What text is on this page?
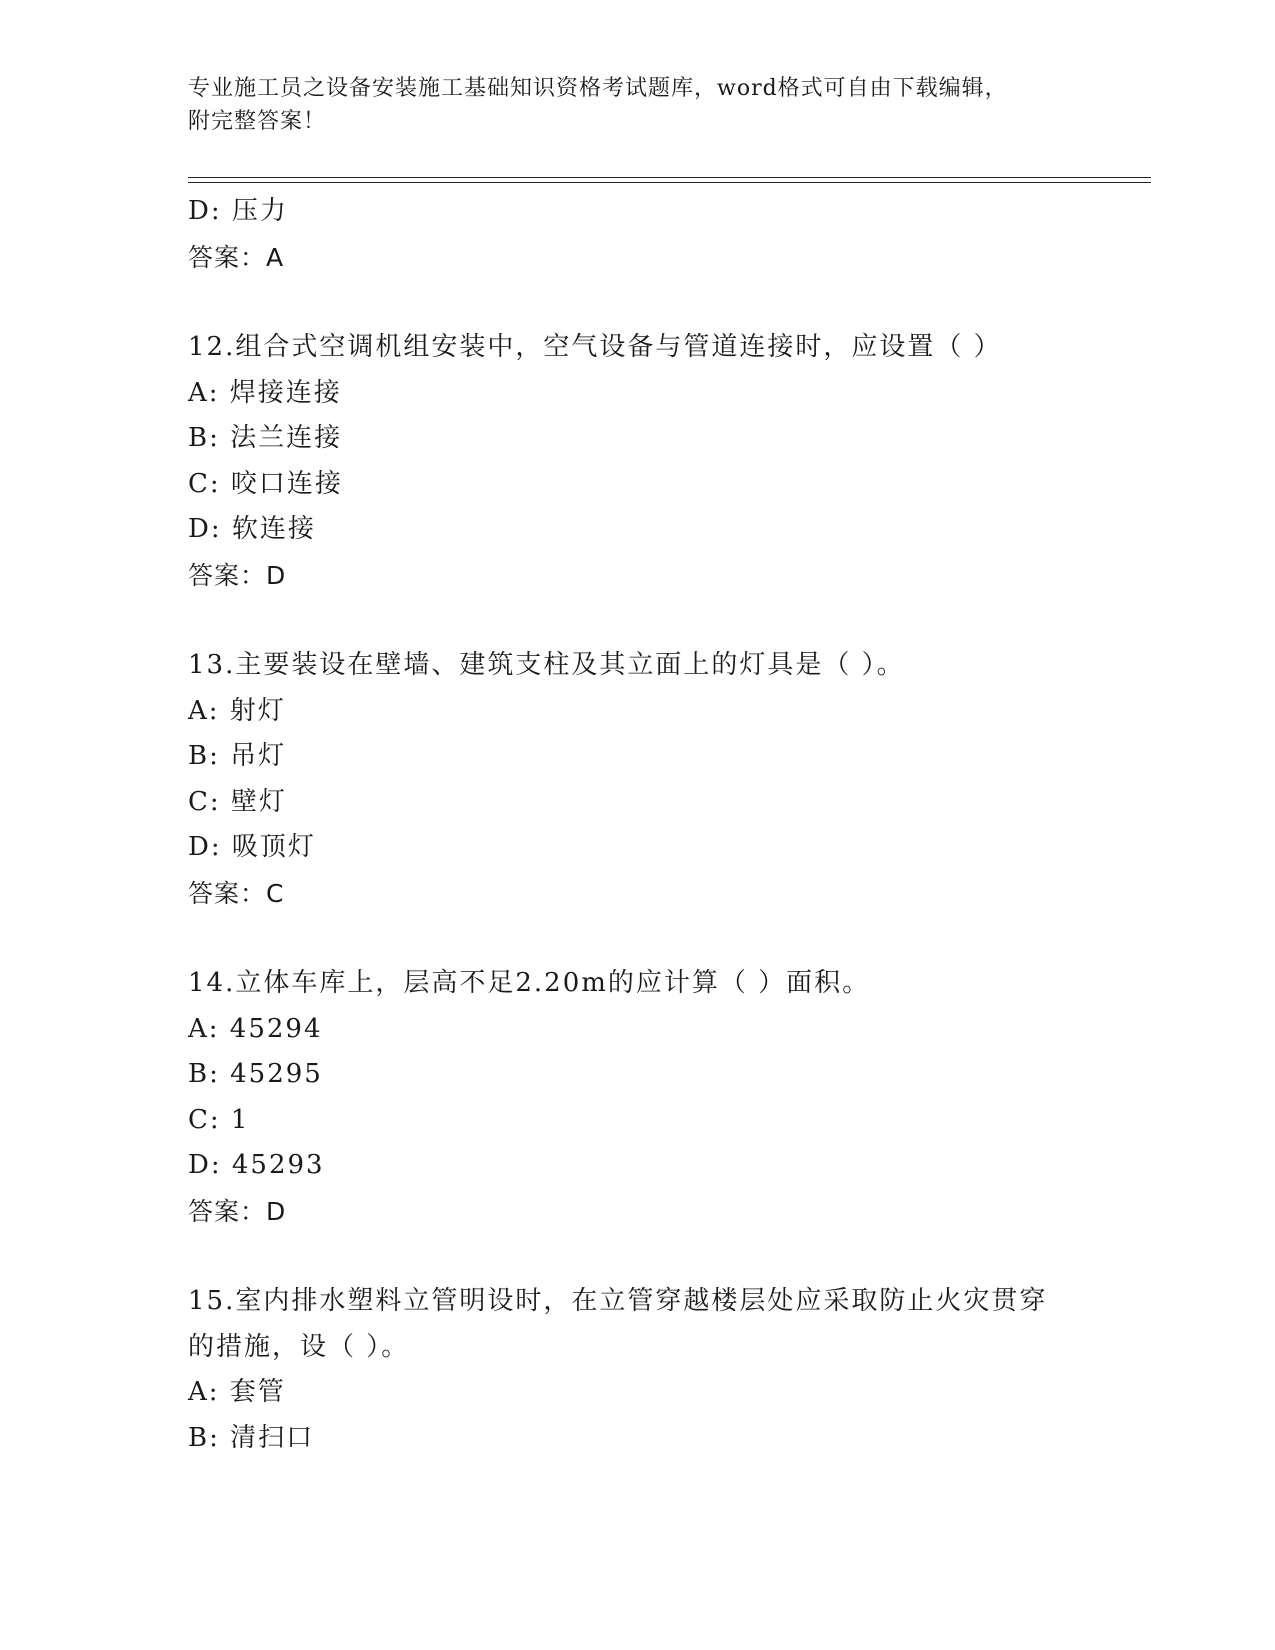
专业施工员之设备安装施工基础知识资格考试题库，word格式可自由下载编辑，
附完整答案！
D: 压力
答案：A
12.组合式空调机组安装中，空气设备与管道连接时，应设置（ ）
A: 焊接连接
B: 法兰连接
C: 咬口连接
D: 软连接
答案：D
13.主要装设在壁墙、建筑支柱及其立面上的灯具是（ ）。
A: 射灯
B: 吊灯
C: 壁灯
D: 吸顶灯
答案：C
14.立体车库上，层高不足2.20m的应计算（ ）面积。
A: 45294
B: 45295
C: 1
D: 45293
答案：D
15.室内排水塑料立管明设时，在立管穿越楼层处应采取防止火灾贯穿
的措施，设（ ）。
A: 套管
B: 清扫口
